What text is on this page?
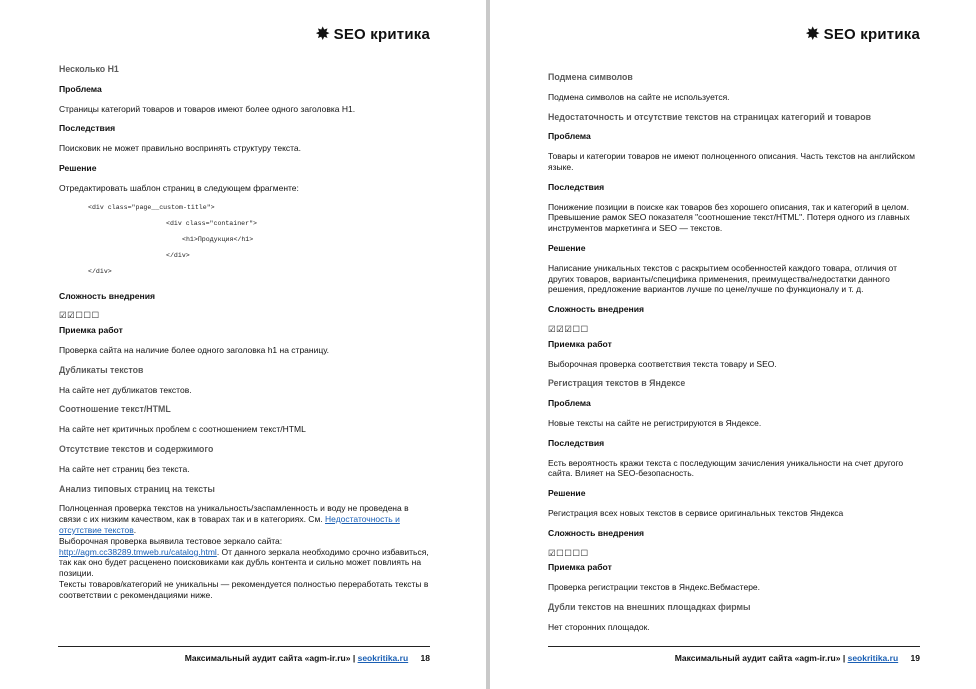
✸ SEO критика
Несколько H1
Проблема
Страницы категорий товаров и товаров имеют более одного заголовка H1.
Последствия
Поисковик не может правильно воспринять структуру текста.
Решение
Отредактировать шаблон страниц в следующем фрагменте:
<div class="page__custom-title">
<div class="container">
<h1>Продукция</h1>
</div>
</div>
Сложность внедрения
☑☑☐☐☐
Приемка работ
Проверка сайта на наличие более одного заголовка h1 на страницу.
Дубликаты текстов
На сайте нет дубликатов текстов.
Соотношение текст/HTML
На сайте нет критичных проблем с соотношением текст/HTML
Отсутствие текстов и содержимого
На сайте нет страниц без текста.
Анализ типовых страниц на тексты
Полноценная проверка текстов на уникальность/заспамленность и воду не проведена в связи с их низким качеством, как в товарах так и в категориях. См. Недостаточность и отсутствие текстов.
Выборочная проверка выявила тестовое зеркало сайта:
http://agm.cc38289.tmweb.ru/catalog.html. От данного зеркала необходимо срочно избавиться, так как оно будет расценено поисковиками как дубль контента и сильно может повлиять на позиции.
Тексты товаров/категорий не уникальны — рекомендуется полностью переработать тексты в соответствии с рекомендациями ниже.
Максимальный аудит сайта «agm-ir.ru» | seokritika.ru 18
✸ SEO критика
Подмена символов
Подмена символов на сайте не используется.
Недостаточность и отсутствие текстов на страницах категорий и товаров
Проблема
Товары и категории товаров не имеют полноценного описания. Часть текстов на английском языке.
Последствия
Понижение позиции в поиске как товаров без хорошего описания, так и категорий в целом. Превышение рамок SEO показателя "соотношение текст/HTML". Потеря одного из главных инструментов маркетинга и SEO — текстов.
Решение
Написание уникальных текстов с раскрытием особенностей каждого товара, отличия от других товаров, варианты/специфика применения, преимущества/недостатки данного решения, предложение вариантов лучше по цене/лучше по функционалу и т. д.
Сложность внедрения
☑☑☑☐☐
Приемка работ
Выборочная проверка соответствия текста товару и SEO.
Регистрация текстов в Яндексе
Проблема
Новые тексты на сайте не регистрируются в Яндексе.
Последствия
Есть вероятность кражи текста с последующим зачисления уникальности на счет другого сайта. Влияет на SEO-безопасность.
Решение
Регистрация всех новых текстов в сервисе оригинальных текстов Яндекса
Сложность внедрения
☑☐☐☐☐
Приемка работ
Проверка регистрации текстов в Яндекс.Вебмастере.
Дубли текстов на внешних площадках фирмы
Нет сторонних площадок.
Максимальный аудит сайта «agm-ir.ru» | seokritika.ru 19
